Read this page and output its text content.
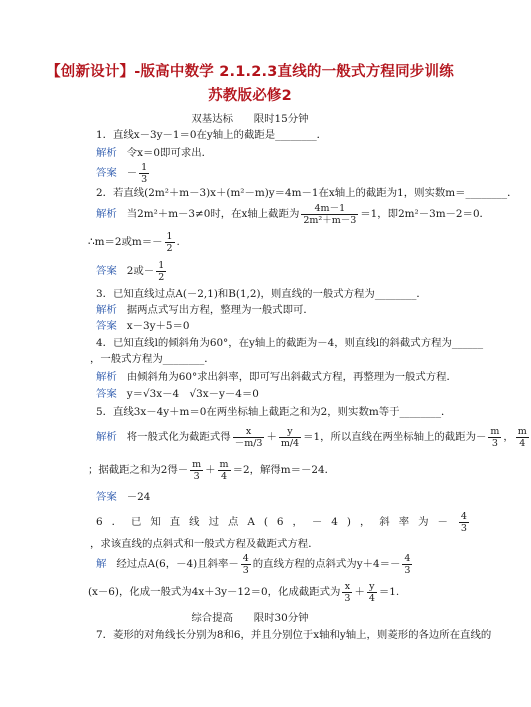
【创新设计】-版高中数学 2.1.2.3直线的一般式方程同步训练
苏教版必修2
双基达标　　限时15分钟
1．直线x－3y－1＝0在y轴上的截距是________．
解析 令x＝0即可求出．
答案 － $\frac{1}{3}$
2．若直线(2m²＋m－3)x＋(m²－m)y＝4m－1在x轴上的截距为1，则实数m＝________．
解析 当2m²＋m－3≠0时，在x轴上截距为 $\frac{4m-1}{\text{2m²＋m－3}} =1$，即2m²－3m－2＝0．
∴m＝2或$m=- \frac{1}{2}$ .
答案 2或－ $\frac{1}{2}$
3．已知直线过点A(－2,1)和B(1,2)，则直线的一般式方程为________．
解析 据两点式写出方程，整理为一般式即可．
答案 x－3y＋5＝0
4．已知直线l的倾斜角为60°，在y轴上的截距为－4，则直线l的斜截式方程为______
，一般式方程为________．
解析 由倾斜角为60°求出斜率，即可写出斜截式方程，再整理为一般式方程．
答案 y＝√3x－4　√3x－y－4＝0
5．直线3x－4y＋m＝0在两坐标轴上截距之和为2，则实数m等于________．
解析 将一般式化为截距式得 $\frac{x}{-m/3} + \frac{y}{m/4} =1$，所以直线在两坐标轴上的截距为－ $\frac{m}{3}$ ， $\frac{m}{4}$
；据截距之和为2得－ $\frac{m}{3} + \frac{m}{4} =2$，解得m＝－24．
答案 －24
6．已知直线过点A(6，－4)，斜率为－ $\frac{4}{3}$
，求该直线的点斜式和一般式方程及截距式方程．
解 经过点A(6，－4)且斜率－ $\frac{4}{3}$ 的直线方程的点斜式为$y+4=- \frac{4}{3}$
(x－6)，化成一般式为4x＋3y－12＝0，化成截距式为 $\frac{x}{3} + \frac{y}{4} =1$.
综合提高　　限时30分钟
7．菱形的对角线长分别为8和6，并且分别位于x轴和y轴上，则菱形的各边所在直线的
